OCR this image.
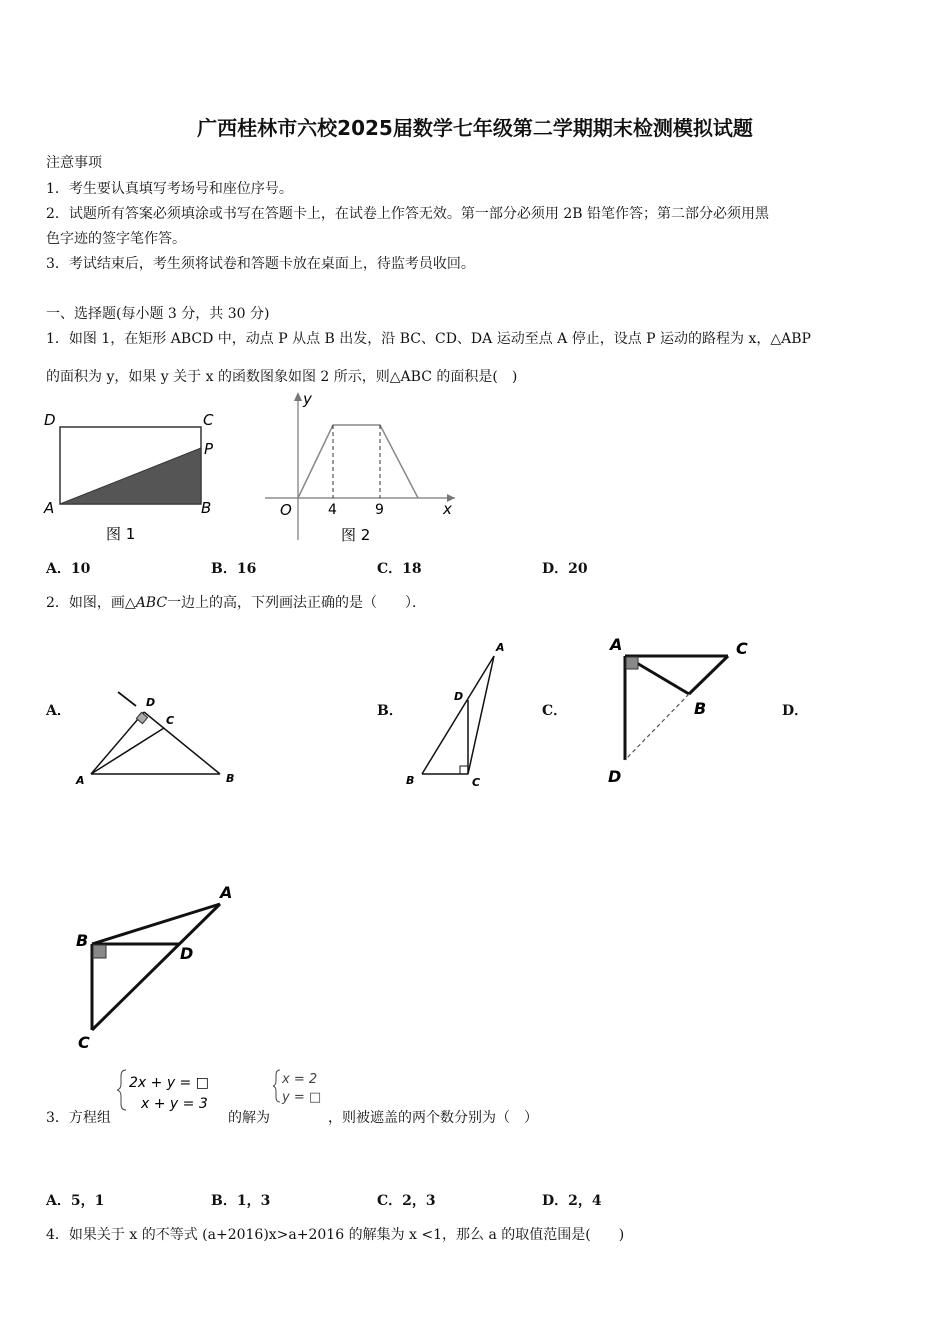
广西桂林市六校2025届数学七年级第二学期期末检测模拟试题
注意事项
1．考生要认真填写考场号和座位序号。
2．试题所有答案必须填涂或书写在答题卡上，在试卷上作答无效。第一部分必须用 2B 铅笔作答；第二部分必须用黑
色字迹的签字笔作答。
3．考试结束后，考生须将试卷和答题卡放在桌面上，待监考员收回。
一、选择题(每小题 3 分，共 30 分)
1．如图 1，在矩形 ABCD 中，动点 P 从点 B 出发，沿 BC、CD、DA 运动至点 A 停止，设点 P 运动的路程为 x，△ABP
的面积为 y，如果 y 关于 x 的函数图象如图 2 所示，则△ABC 的面积是(　)
D	C
P
A	B
图 1
y
O	4	9	x
图 2
A．10	B．16	C．18	D．20
2．如图，画△ABC一边上的高，下列画法正确的是（　　）．
A．	B．	C．	D．
D
C
A	B
A
D
B	C
A	C
B
D
A
B
D
C
3．方程组
2x + y = □
x + y = 3
的解为
x = 2
y = □
，则被遮盖的两个数分别为（　）
A．5，1	B．1，3	C．2，3	D．2，4
4．如果关于 x 的不等式 (a+2016)x>a+2016 的解集为 x <1，那么 a 的取值范围是(　　)
